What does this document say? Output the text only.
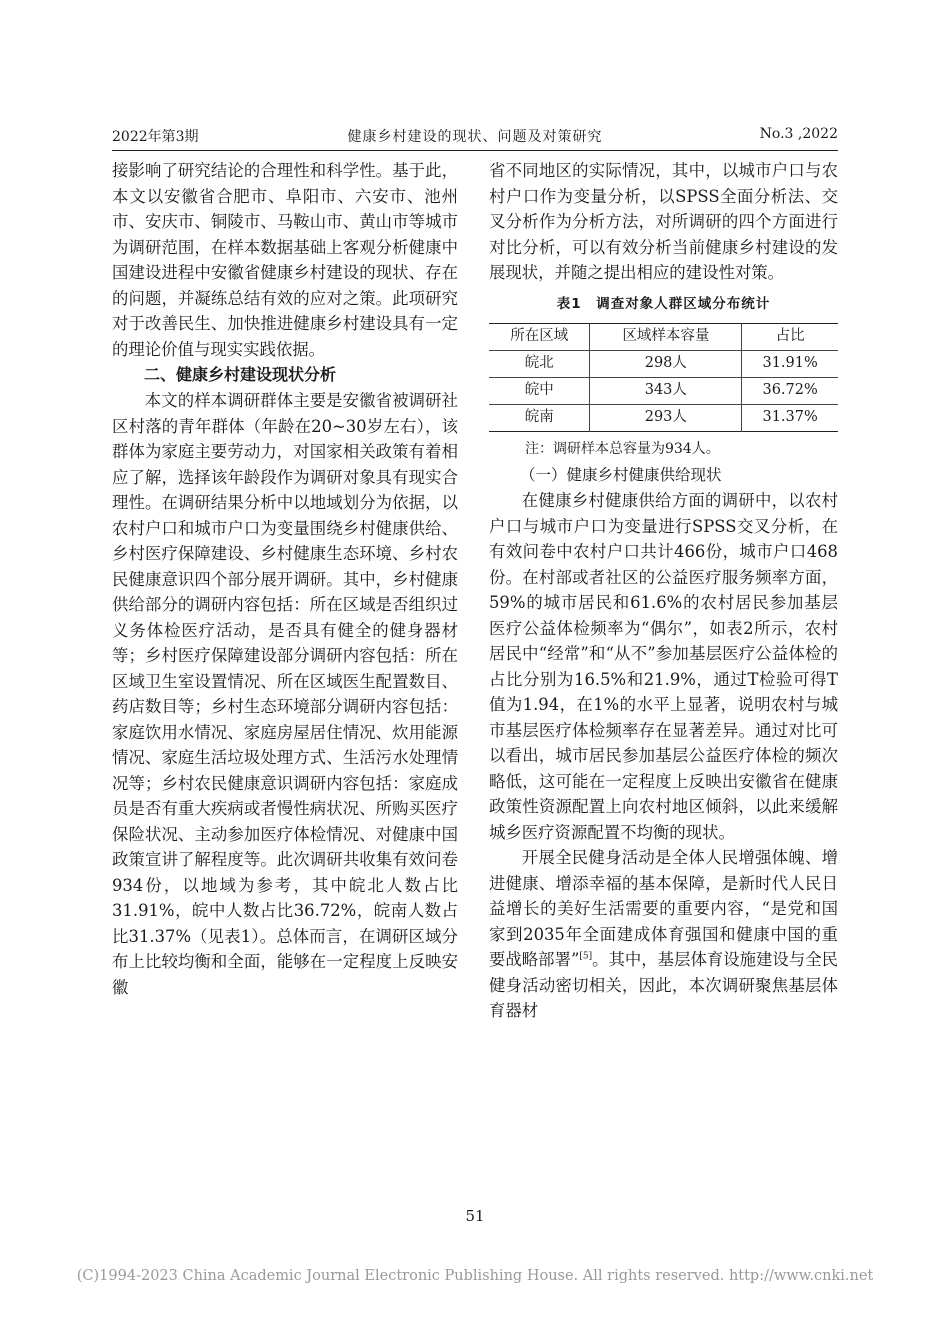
2022年第3期	健康乡村建设的现状、问题及对策研究	No.3 ,2022

接影响了研究结论的合理性和科学性。基于此，本文以安徽省合肥市、阜阳市、六安市、池州市、安庆市、铜陵市、马鞍山市、黄山市等城市为调研范围，在样本数据基础上客观分析健康中国建设进程中安徽省健康乡村建设的现状、存在的问题，并凝练总结有效的应对之策。此项研究对于改善民生、加快推进健康乡村建设具有一定的理论价值与现实实践依据。

二、健康乡村建设现状分析

本文的样本调研群体主要是安徽省被调研社区村落的青年群体（年龄在20~30岁左右），该群体为家庭主要劳动力，对国家相关政策有着相应了解，选择该年龄段作为调研对象具有现实合理性。在调研结果分析中以地域划分为依据，以农村户口和城市户口为变量围绕乡村健康供给、乡村医疗保障建设、乡村健康生态环境、乡村农民健康意识四个部分展开调研。其中，乡村健康供给部分的调研内容包括：所在区域是否组织过义务体检医疗活动，是否具有健全的健身器材等；乡村医疗保障建设部分调研内容包括：所在区域卫生室设置情况、所在区域医生配置数目、药店数目等；乡村生态环境部分调研内容包括：家庭饮用水情况、家庭房屋居住情况、炊用能源情况、家庭生活垃圾处理方式、生活污水处理情况等；乡村农民健康意识调研内容包括：家庭成员是否有重大疾病或者慢性病状况、所购买医疗保险状况、主动参加医疗体检情况、对健康中国政策宣讲了解程度等。此次调研共收集有效问卷934份，以地域为参考，其中皖北人数占比31.91%，皖中人数占比36.72%，皖南人数占比31.37%（见表1）。总体而言，在调研区域分布上比较均衡和全面，能够在一定程度上反映安徽

省不同地区的实际情况，其中，以城市户口与农村户口作为变量分析，以SPSS全面分析法、交叉分析作为分析方法，对所调研的四个方面进行对比分析，可以有效分析当前健康乡村建设的发展现状，并随之提出相应的建设性对策。

表1　调查对象人群区域分布统计
所在区域	区域样本容量	占比
皖北	298人	31.91%
皖中	343人	36.72%
皖南	293人	31.37%
注：调研样本总容量为934人。

（一）健康乡村健康供给现状

在健康乡村健康供给方面的调研中，以农村户口与城市户口为变量进行SPSS交叉分析，在有效问卷中农村户口共计466份，城市户口468份。在村部或者社区的公益医疗服务频率方面，59%的城市居民和61.6%的农村居民参加基层医疗公益体检频率为“偶尔”，如表2所示，农村居民中“经常”和“从不”参加基层医疗公益体检的占比分别为16.5%和21.9%，通过T检验可得T值为1.94，在1%的水平上显著，说明农村与城市基层医疗体检频率存在显著差异。通过对比可以看出，城市居民参加基层公益医疗体检的频次略低，这可能在一定程度上反映出安徽省在健康政策性资源配置上向农村地区倾斜，以此来缓解城乡医疗资源配置不均衡的现状。

开展全民健身活动是全体人民增强体魄、增进健康、增添幸福的基本保障，是新时代人民日益增长的美好生活需要的重要内容，“是党和国家到2035年全面建成体育强国和健康中国的重要战略部署”[5]。其中，基层体育设施建设与全民健身活动密切相关，因此，本次调研聚焦基层体育器材

51
(C)1994-2023 China Academic Journal Electronic Publishing House. All rights reserved. http://www.cnki.net
